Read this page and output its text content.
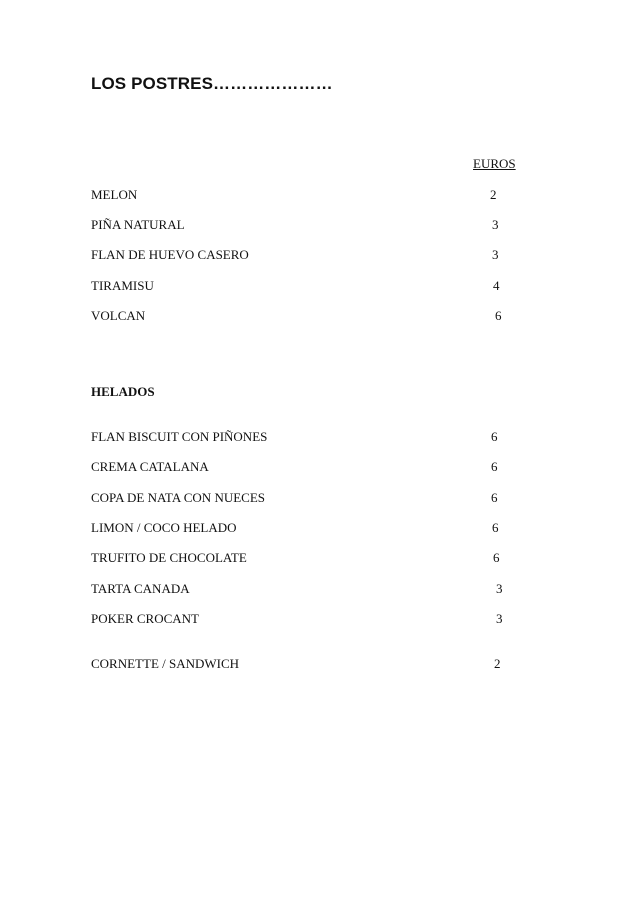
LOS POSTRES…………………
EUROS
MELON	2
PIÑA NATURAL	3
FLAN DE HUEVO CASERO	3
TIRAMISU	4
VOLCAN	6
HELADOS
FLAN BISCUIT CON PIÑONES	6
CREMA CATALANA	6
COPA DE NATA CON NUECES	6
LIMON / COCO HELADO	6
TRUFITO DE CHOCOLATE	6
TARTA CANADA	3
POKER CROCANT	3
CORNETTE / SANDWICH	2
